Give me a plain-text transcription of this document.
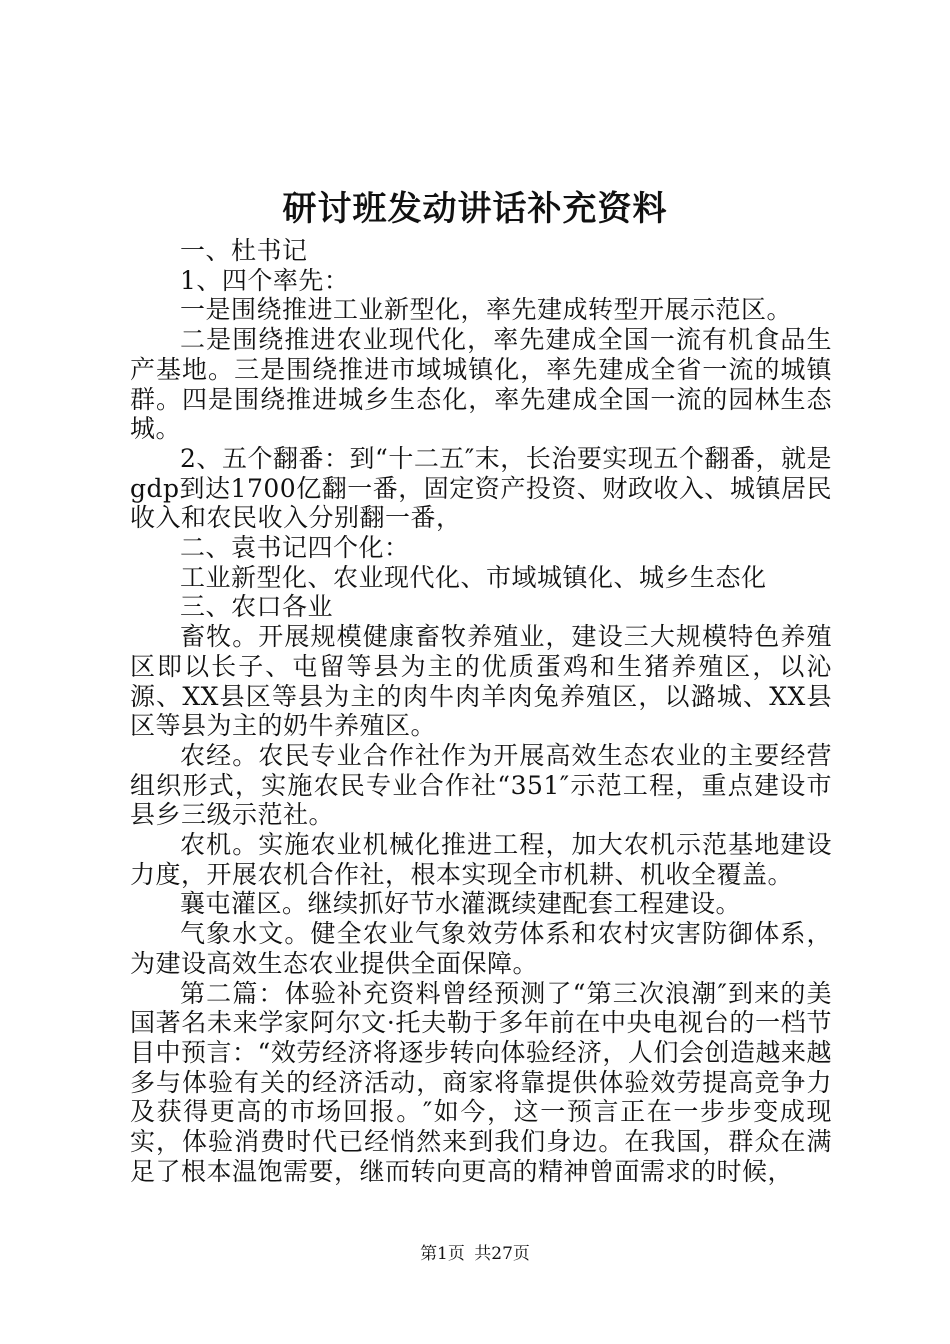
研讨班发动讲话补充资料

一、杜书记

1、四个率先：

一是围绕推进工业新型化，率先建成转型开展示范区。

二是围绕推进农业现代化，率先建成全国一流有机食品生产基地。三是围绕推进市域城镇化，率先建成全省一流的城镇群。四是围绕推进城乡生态化，率先建成全国一流的园林生态城。

2、五个翻番：到“十二五″末，长治要实现五个翻番，就是gdp到达1700亿翻一番，固定资产投资、财政收入、城镇居民收入和农民收入分别翻一番，

二、袁书记四个化：

工业新型化、农业现代化、市域城镇化、城乡生态化

三、农口各业

畜牧。开展规模健康畜牧养殖业，建设三大规模特色养殖区即以长子、屯留等县为主的优质蛋鸡和生猪养殖区，以沁源、XX县区等县为主的肉牛肉羊肉兔养殖区，以潞城、XX县区等县为主的奶牛养殖区。

农经。农民专业合作社作为开展高效生态农业的主要经营组织形式，实施农民专业合作社“351″示范工程，重点建设市县乡三级示范社。

农机。实施农业机械化推进工程，加大农机示范基地建设力度，开展农机合作社，根本实现全市机耕、机收全覆盖。

襄屯灌区。继续抓好节水灌溉续建配套工程建设。

气象水文。健全农业气象效劳体系和农村灾害防御体系，为建设高效生态农业提供全面保障。

第二篇：体验补充资料曾经预测了“第三次浪潮″到来的美国著名未来学家阿尔文·托夫勒于多年前在中央电视台的一档节目中预言：“效劳经济将逐步转向体验经济，人们会创造越来越多与体验有关的经济活动，商家将靠提供体验效劳提高竞争力及获得更高的市场回报。″如今，这一预言正在一步步变成现实，体验消费时代已经悄然来到我们身边。在我国，群众在满足了根本温饱需要，继而转向更高的精神曾面需求的时候，

第1页 共27页
